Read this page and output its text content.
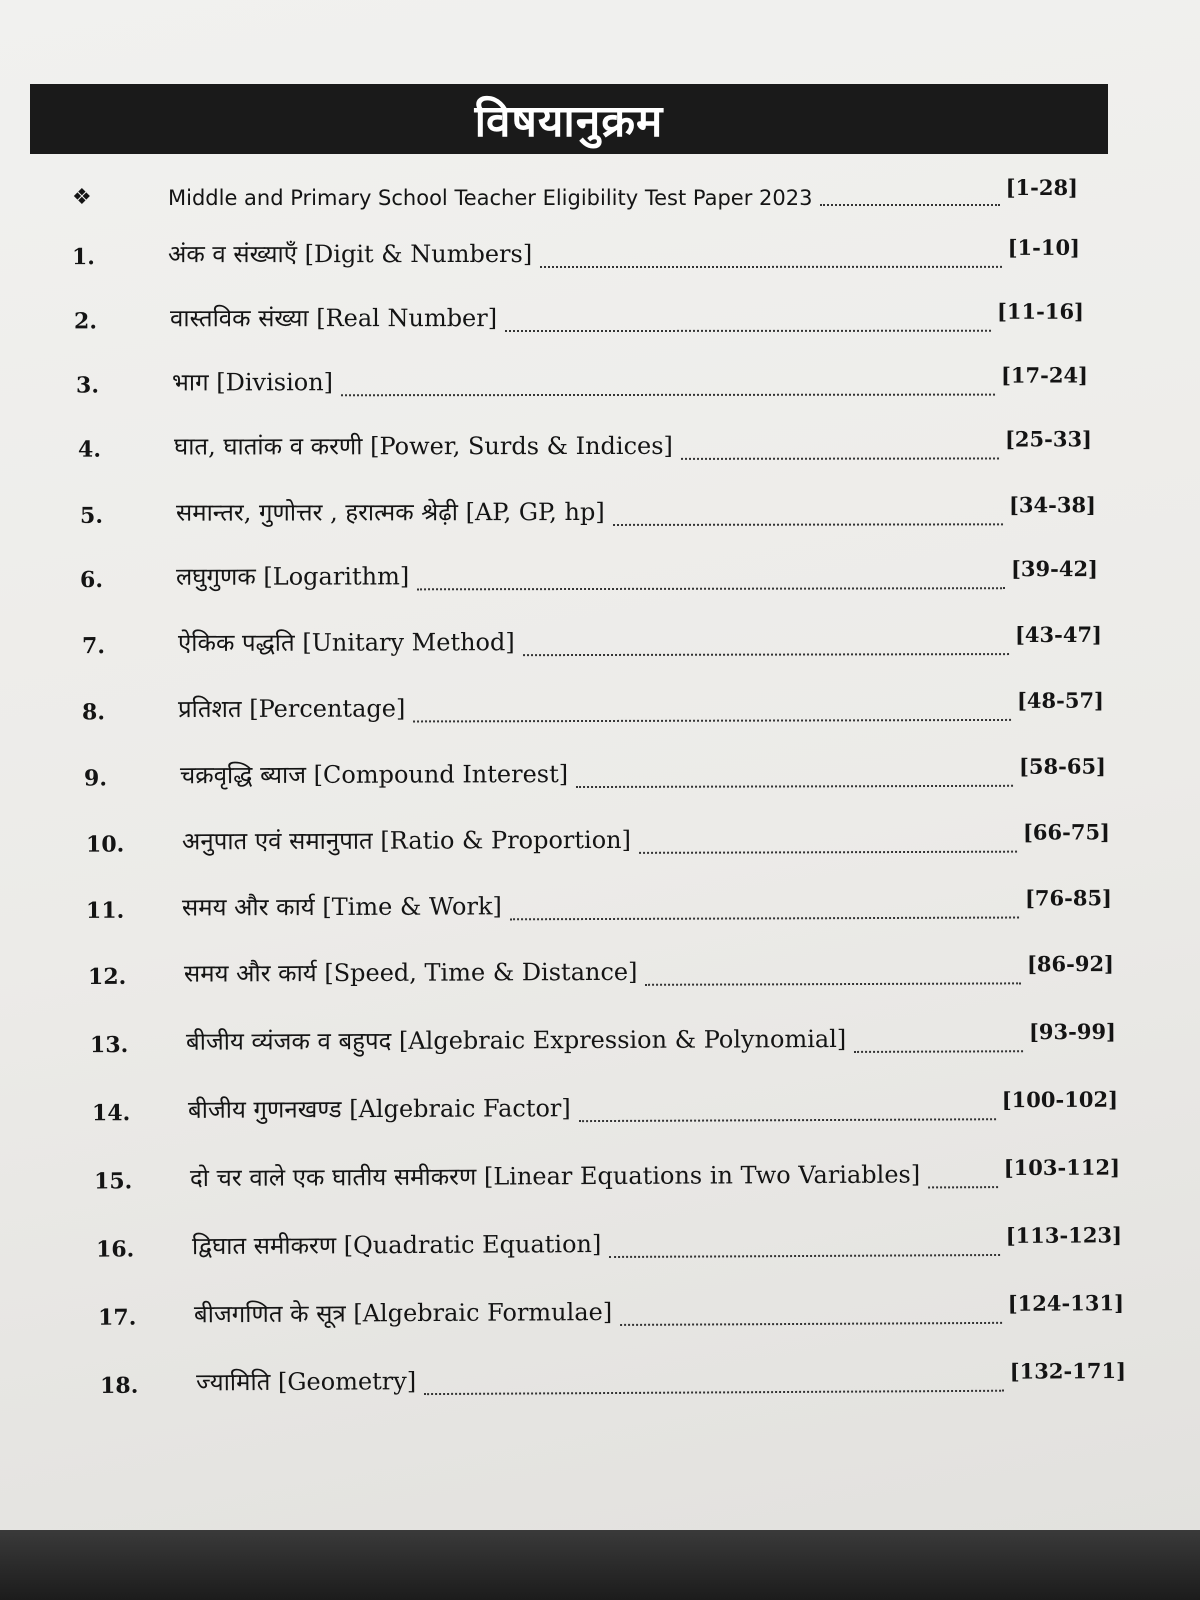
विषयानुक्रम
❖	Middle and Primary School Teacher Eligibility Test Paper 2023	[1-28]
1.	अंक व संख्याएँ [Digit & Numbers]	[1-10]
2.	वास्तविक संख्या [Real Number]	[11-16]
3.	भाग [Division]	[17-24]
4.	घात, घातांक व करणी [Power, Surds & Indices]	[25-33]
5.	समान्तर, गुणोत्तर , हरात्मक श्रेढ़ी [AP, GP, hp]	[34-38]
6.	लघुगुणक [Logarithm]	[39-42]
7.	ऐकिक पद्धति [Unitary Method]	[43-47]
8.	प्रतिशत [Percentage]	[48-57]
9.	चक्रवृद्धि ब्याज [Compound Interest]	[58-65]
10. अनुपात एवं समानुपात [Ratio & Proportion]	[66-75]
11. समय और कार्य [Time & Work]	[76-85]
12. समय और कार्य [Speed, Time & Distance]	[86-92]
13. बीजीय व्यंजक व बहुपद [Algebraic Expression & Polynomial]	[93-99]
14. बीजीय गुणनखण्ड [Algebraic Factor]	[100-102]
15. दो चर वाले एक घातीय समीकरण [Linear Equations in Two Variables]	[103-112]
16. द्विघात समीकरण [Quadratic Equation]	[113-123]
17. बीजगणित के सूत्र [Algebraic Formulae]	[124-131]
18. ज्यामिति [Geometry]	[132-171]
